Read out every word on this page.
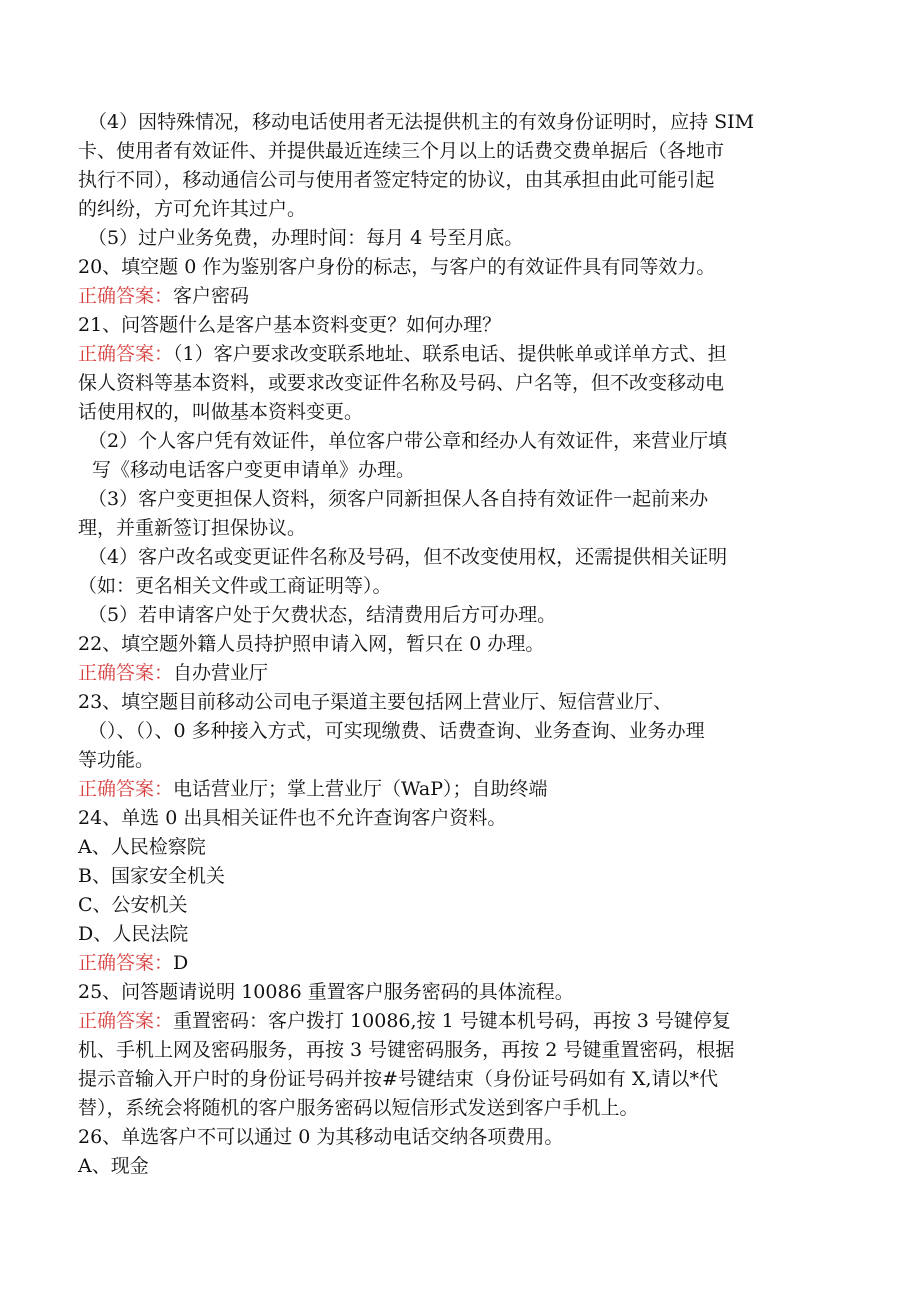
（4）因特殊情况，移动电话使用者无法提供机主的有效身份证明时，应持 SIM
卡、使用者有效证件、并提供最近连续三个月以上的话费交费单据后（各地市
执行不同），移动通信公司与使用者签定特定的协议，由其承担由此可能引起
的纠纷，方可允许其过户。
（5）过户业务免费，办理时间：每月 4 号至月底。
20、填空题 0 作为鉴别客户身份的标志，与客户的有效证件具有同等效力。
正确答案：客户密码
21、问答题什么是客户基本资料变更？如何办理？
正确答案：（1）客户要求改变联系地址、联系电话、提供帐单或详单方式、担
保人资料等基本资料，或要求改变证件名称及号码、户名等，但不改变移动电
话使用权的，叫做基本资料变更。
（2）个人客户凭有效证件，单位客户带公章和经办人有效证件，来营业厅填
写《移动电话客户变更申请单》办理。
（3）客户变更担保人资料，须客户同新担保人各自持有效证件一起前来办
理，并重新签订担保协议。
（4）客户改名或变更证件名称及号码，但不改变使用权，还需提供相关证明
（如：更名相关文件或工商证明等）。
（5）若申请客户处于欠费状态，结清费用后方可办理。
22、填空题外籍人员持护照申请入网，暂只在 0 办理。
正确答案：自办营业厅
23、填空题目前移动公司电子渠道主要包括网上营业厅、短信营业厅、
（）、（）、0 多种接入方式，可实现缴费、话费查询、业务查询、业务办理
等功能。
正确答案：电话营业厅；掌上营业厅（WaP）；自助终端
24、单选 0 出具相关证件也不允许查询客户资料。
A、人民检察院
B、国家安全机关
C、公安机关
D、人民法院
正确答案：D
25、问答题请说明 10086 重置客户服务密码的具体流程。
正确答案：重置密码：客户拨打 10086,按 1 号键本机号码，再按 3 号键停复
机、手机上网及密码服务，再按 3 号键密码服务，再按 2 号键重置密码，根据
提示音输入开户时的身份证号码并按#号键结束（身份证号码如有 X,请以*代
替），系统会将随机的客户服务密码以短信形式发送到客户手机上。
26、单选客户不可以通过 0 为其移动电话交纳各项费用。
A、现金
